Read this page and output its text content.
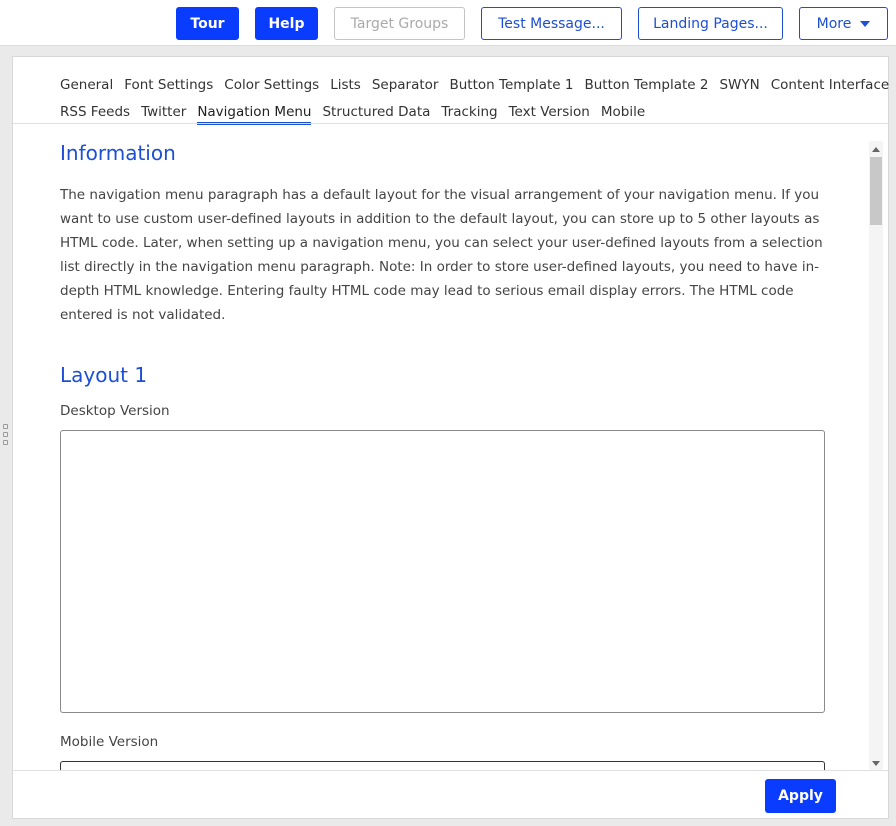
Tour	Help	Target Groups	Test Message...	Landing Pages...	More
General Font Settings Color Settings Lists Separator Button Template 1 Button Template 2 SWYN Content Interface
RSS Feeds Twitter Navigation Menu Structured Data Tracking Text Version Mobile
Information
The navigation menu paragraph has a default layout for the visual arrangement of your navigation menu. If you want to use custom user-defined layouts in addition to the default layout, you can store up to 5 other layouts as HTML code. Later, when setting up a navigation menu, you can select your user-defined layouts from a selection list directly in the navigation menu paragraph. Note: In order to store user-defined layouts, you need to have in-depth HTML knowledge. Entering faulty HTML code may lead to serious email display errors. The HTML code entered is not validated.
Layout 1
Desktop Version
Mobile Version
Apply
